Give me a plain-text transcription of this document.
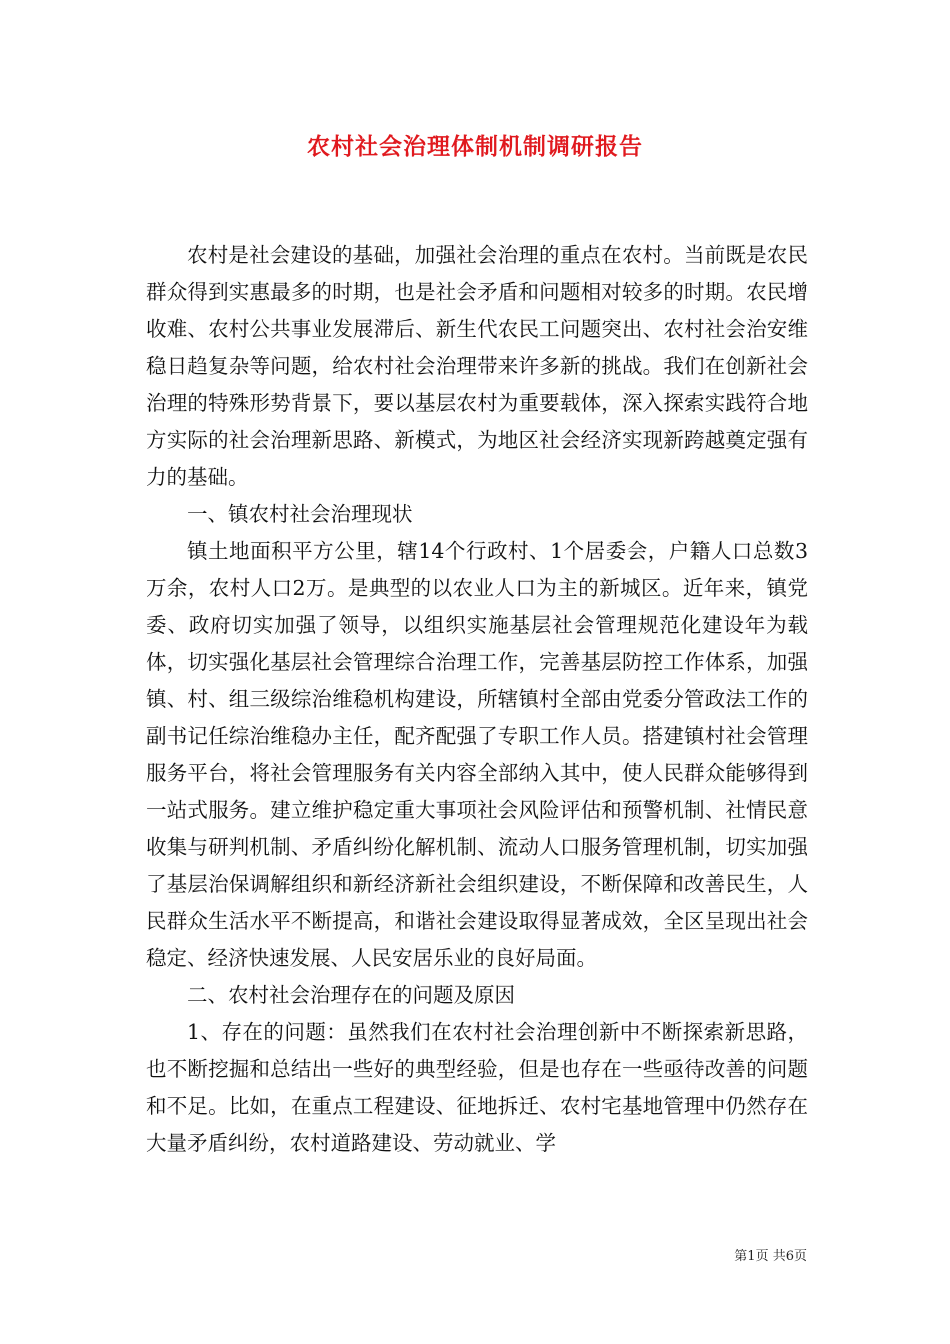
农村社会治理体制机制调研报告

农村是社会建设的基础，加强社会治理的重点在农村。当前既是农民群众得到实惠最多的时期，也是社会矛盾和问题相对较多的时期。农民增收难、农村公共事业发展滞后、新生代农民工问题突出、农村社会治安维稳日趋复杂等问题，给农村社会治理带来许多新的挑战。我们在创新社会治理的特殊形势背景下，要以基层农村为重要载体，深入探索实践符合地方实际的社会治理新思路、新模式，为地区社会经济实现新跨越奠定强有力的基础。

一、镇农村社会治理现状

镇土地面积平方公里，辖14个行政村、1个居委会，户籍人口总数3万余，农村人口2万。是典型的以农业人口为主的新城区。近年来，镇党委、政府切实加强了领导，以组织实施基层社会管理规范化建设年为载体，切实强化基层社会管理综合治理工作，完善基层防控工作体系，加强镇、村、组三级综治维稳机构建设，所辖镇村全部由党委分管政法工作的副书记任综治维稳办主任，配齐配强了专职工作人员。搭建镇村社会管理服务平台，将社会管理服务有关内容全部纳入其中，使人民群众能够得到一站式服务。建立维护稳定重大事项社会风险评估和预警机制、社情民意收集与研判机制、矛盾纠纷化解机制、流动人口服务管理机制，切实加强了基层治保调解组织和新经济新社会组织建设，不断保障和改善民生，人民群众生活水平不断提高，和谐社会建设取得显著成效，全区呈现出社会稳定、经济快速发展、人民安居乐业的良好局面。

二、农村社会治理存在的问题及原因

1、存在的问题：虽然我们在农村社会治理创新中不断探索新思路，也不断挖掘和总结出一些好的典型经验，但是也存在一些亟待改善的问题和不足。比如，在重点工程建设、征地拆迁、农村宅基地管理中仍然存在大量矛盾纠纷，农村道路建设、劳动就业、学

第1页 共6页
